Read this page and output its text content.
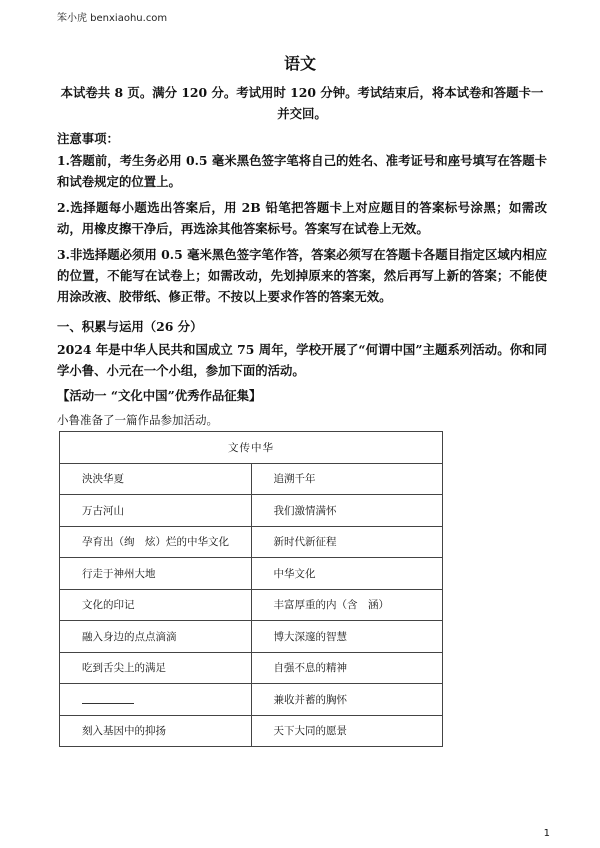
笨小虎 benxiaohu.com
语文
本试卷共 8 页。满分 120 分。考试用时 120 分钟。考试结束后，将本试卷和答题卡一并交回。
注意事项：
1.答题前，考生务必用 0.5 毫米黑色签字笔将自己的姓名、准考证号和座号填写在答题卡和试卷规定的位置上。
2.选择题每小题选出答案后，用 2B 铅笔把答题卡上对应题目的答案标号涂黑；如需改动，用橡皮擦干净后，再选涂其他答案标号。答案写在试卷上无效。
3.非选择题必须用 0.5 毫米黑色签字笔作答，答案必须写在答题卡各题目指定区域内相应的位置，不能写在试卷上；如需改动，先划掉原来的答案，然后再写上新的答案；不能使用涂改液、胶带纸、修正带。不按以上要求作答的答案无效。
一、积累与运用（26 分）
2024 年是中华人民共和国成立 75 周年，学校开展了“何谓中国”主题系列活动。你和同学小鲁、小元在一个小组，参加下面的活动。
【活动一 “文化中国”优秀作品征集】
小鲁准备了一篇作品参加活动。
文传中华	
泱泱华夏	追溯千年
万古河山	我们激情满怀
孕育出（绚　炫）烂的中华文化	新时代新征程
行走于神州大地	中华文化
文化的印记	丰富厚重的内（含　涵）
融入身边的点点滴滴	博大深邃的智慧
吃到舌尖上的满足	自强不息的精神
	兼收并蓄的胸怀
刻入基因中的抑扬	天下大同的愿景
1
